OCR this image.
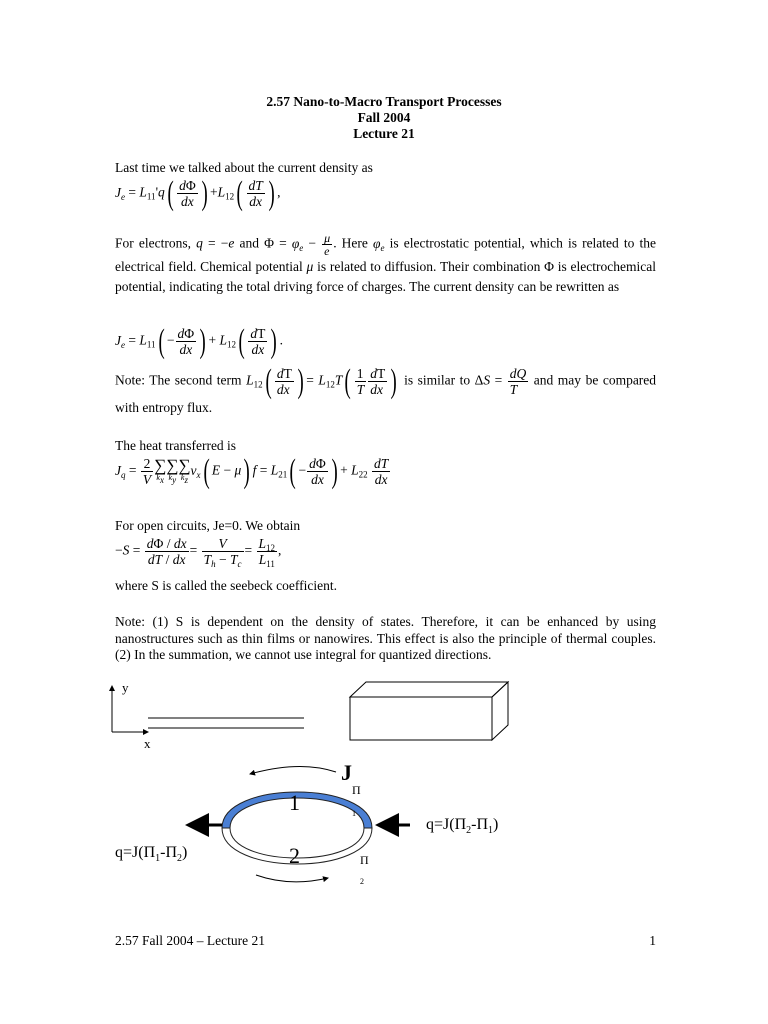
2.57 Nano-to-Macro Transport Processes
Fall 2004
Lecture 21
Last time we talked about the current density as
$J_e = L_{11}'q( \frac{d\Phi}{dx}$ ) $+L_{12}( \frac{dT}{dx}$ ) ,
For electrons, q = −e and $\Phi = \varphi_e - \frac{\mu}{e}$ . Here $\varphi_e$ is electrostatic potential, which is related to the electrical field. Chemical potential μ is related to diffusion. Their combination Φ is electrochemical potential, indicating the total driving force of charges. The current density can be rewritten as
$J_e = L_{11}( - \frac{d\Phi}{dx}$ ) + $L_{12}( \frac{dT}{dx}$ ) .
Note: The second term $L_{12}( \frac{dT}{dx}$ ) = $L_{12}T( \frac{1}{T} \frac{dT}{dx}$ ) is similar to $\Delta S = \frac{dQ}{T}$ and may be compared with entropy flux.
The heat transferred is
$J_q = \frac{2}{V}$ ∑
$k_x$
∑
$k_y$
∑
$k_z$
$v_x$( E − μ) $f = L_{21}( - \frac{d\Phi}{dx}$ ) + $L_{22} \frac{dT}{dx}$
For open circuits, Je=0. We obtain
$-S = \frac{d\Phi / dx}{dT / dx} = \frac{V}{T_h - T_c} = \frac{L_{12}}{L_{11}}$ ,
where S is called the seebeck coefficient.
Note: (1) S is dependent on the density of states. Therefore, it can be enhanced by using nanostructures such as thin films or nanowires. This effect is also the principle of thermal couples. (2) In the summation, we cannot use integral for quantized directions.
y
x
J
1
2
Π
1
Π
2
$q=J(\Pi_2-\Pi_1)$
$q=J(\Pi_1-\Pi_2)$
2.57 Fall 2004 – Lecture 21	1
